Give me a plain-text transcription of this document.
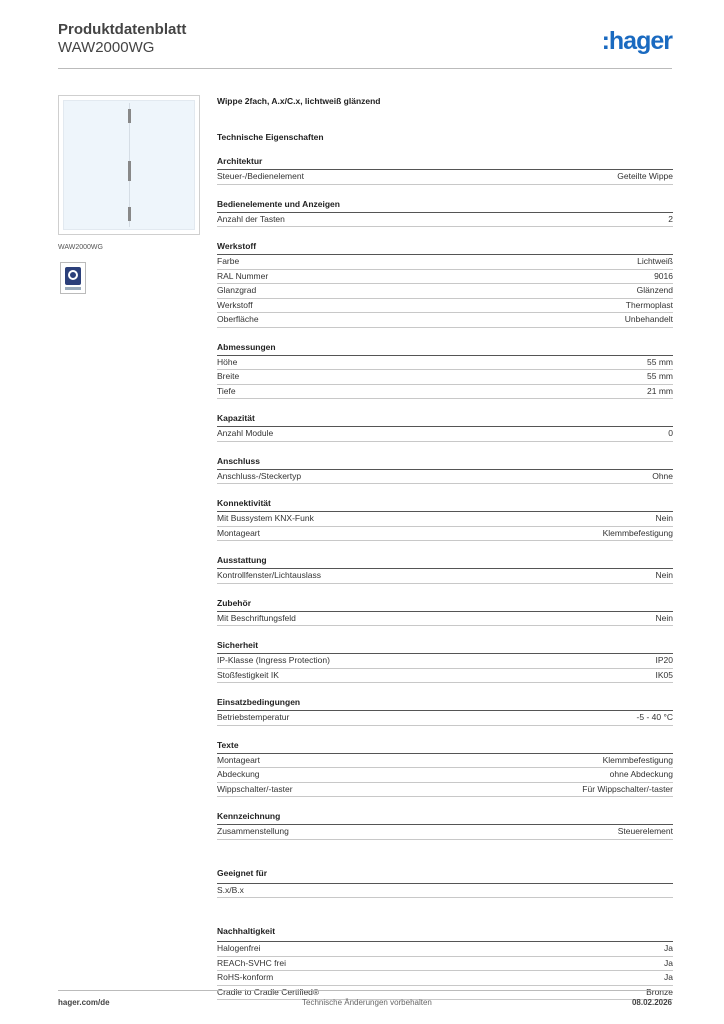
Produktdatenblatt
WAW2000WG	:hager
WAW2000WG
Wippe 2fach, A.x/C.x, lichtweiß glänzend
Technische Eigenschaften
Architektur
Steuer-/Bedienelement	Geteilte Wippe
Bedienelemente und Anzeigen
Anzahl der Tasten	2
Werkstoff
Farbe	Lichtweiß
RAL Nummer	9016
Glanzgrad	Glänzend
Werkstoff	Thermoplast
Oberfläche	Unbehandelt
Abmessungen
Höhe	55 mm
Breite	55 mm
Tiefe	21 mm
Kapazität
Anzahl Module	0
Anschluss
Anschluss-/Steckertyp	Ohne
Konnektivität
Mit Bussystem KNX-Funk	Nein
Montageart	Klemmbefestigung
Ausstattung
Kontrollfenster/Lichtauslass	Nein
Zubehör
Mit Beschriftungsfeld	Nein
Sicherheit
IP-Klasse (Ingress Protection)	IP20
Stoßfestigkeit IK	IK05
Einsatzbedingungen
Betriebstemperatur	-5 - 40 °C
Texte
Montageart	Klemmbefestigung
Abdeckung	ohne Abdeckung
Wippschalter/-taster	Für Wippschalter/-taster
Kennzeichnung
Zusammenstellung	Steuerelement
Geeignet für
S.x/B.x
Nachhaltigkeit
Halogenfrei	Ja
REACh-SVHC frei	Ja
RoHS-konform	Ja
Cradle to Cradle Certified®	Bronze
hager.com/de	Technische Änderungen vorbehalten	08.02.2026
